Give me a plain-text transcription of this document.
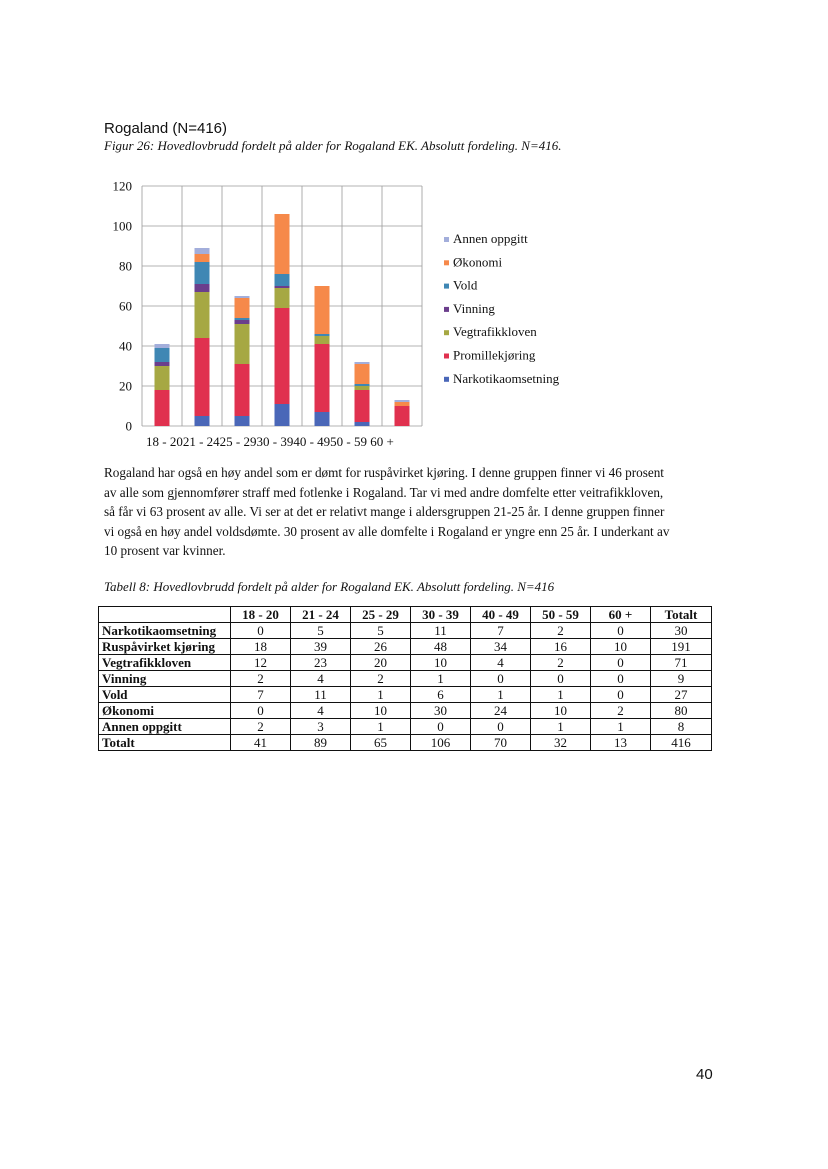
Rogaland (N=416)
Figur 26: Hovedlovbrudd fordelt på alder for Rogaland EK. Absolutt fordeling. N=416.
0
20
40
60
80
100
120
18 - 2021 - 2425 - 2930 - 3940 - 4950 - 59 60 +
Annen oppgitt
Økonomi
Vold
Vinning
Vegtrafikkloven
Promillekjøring
Narkotikaomsetning
Rogaland har også en høy andel som er dømt for ruspåvirket kjøring. I denne gruppen finner vi 46 prosent
av alle som gjennomfører straff med fotlenke i Rogaland. Tar vi med andre domfelte etter veitrafikkloven,
så får vi 63 prosent av alle. Vi ser at det er relativt mange i aldersgruppen 21-25 år. I denne gruppen finner
vi også en høy andel voldsdømte. 30 prosent av alle domfelte i Rogaland er yngre enn 25 år. I underkant av
10 prosent var kvinner.
Tabell 8: Hovedlovbrudd fordelt på alder for Rogaland EK. Absolutt fordeling. N=416
	18 - 20	21 - 24	25 - 29	30 - 39	40 - 49	50 - 59	60 +	Totalt
Narkotikaomsetning	0	5	5	11	7	2	0	30
Ruspåvirket kjøring	18	39	26	48	34	16	10	191
Vegtrafikkloven	12	23	20	10	4	2	0	71
Vinning	2	4	2	1	0	0	0	9
Vold	7	11	1	6	1	1	0	27
Økonomi	0	4	10	30	24	10	2	80
Annen oppgitt	2	3	1	0	0	1	1	8
Totalt	41	89	65	106	70	32	13	416
40
